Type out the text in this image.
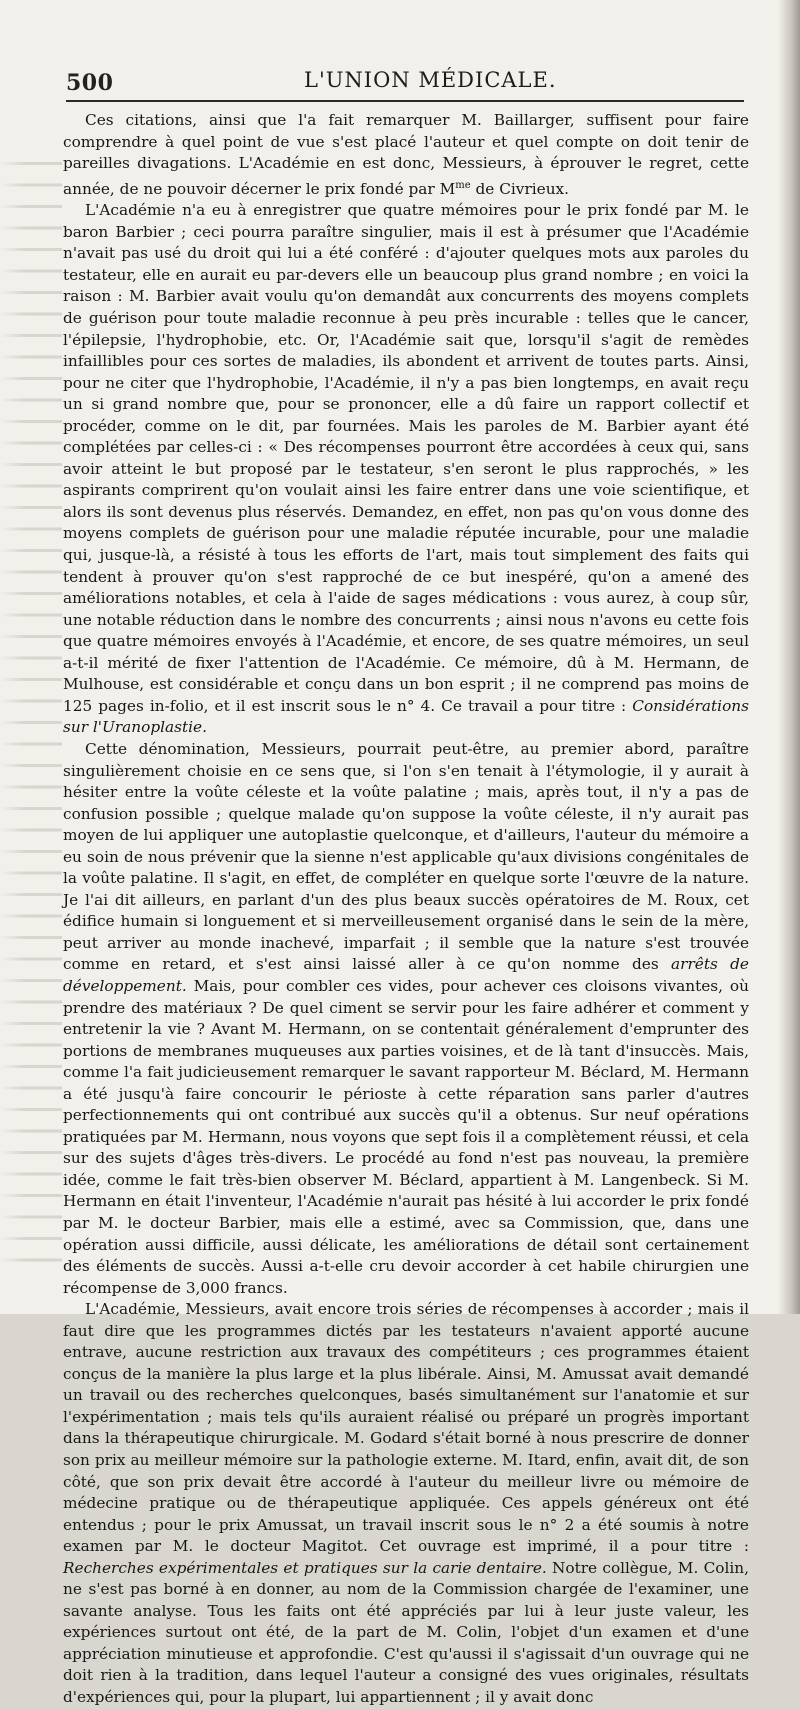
500	L'UNION MÉDICALE.

Ces citations, ainsi que l'a fait remarquer M. Baillarger, suffisent pour faire comprendre à quel point de vue s'est placé l'auteur et quel compte on doit tenir de pareilles divagations. L'Académie en est donc, Messieurs, à éprouver le regret, cette année, de ne pouvoir décerner le prix fondé par $M^{me}$ de Civrieux.

L'Académie n'a eu à enregistrer que quatre mémoires pour le prix fondé par M. le baron Barbier ; ceci pourra paraître singulier, mais il est à présumer que l'Académie n'avait pas usé du droit qui lui a été conféré : d'ajouter quelques mots aux paroles du testateur, elle en aurait eu par-devers elle un beaucoup plus grand nombre ; en voici la raison : M. Barbier avait voulu qu'on demandât aux concurrents des moyens complets de guérison pour toute maladie reconnue à peu près incurable : telles que le cancer, l'épilepsie, l'hydrophobie, etc. Or, l'Académie sait que, lorsqu'il s'agit de remèdes infaillibles pour ces sortes de maladies, ils abondent et arrivent de toutes parts. Ainsi, pour ne citer que l'hydrophobie, l'Académie, il n'y a pas bien longtemps, en avait reçu un si grand nombre que, pour se prononcer, elle a dû faire un rapport collectif et procéder, comme on le dit, par fournées. Mais les paroles de M. Barbier ayant été complétées par celles-ci : « Des récompenses pourront être accordées à ceux qui, sans avoir atteint le but proposé par le testateur, s'en seront le plus rapprochés, » les aspirants comprirent qu'on voulait ainsi les faire entrer dans une voie scientifique, et alors ils sont devenus plus réservés. Demandez, en effet, non pas qu'on vous donne des moyens complets de guérison pour une maladie réputée incurable, pour une maladie qui, jusque-là, a résisté à tous les efforts de l'art, mais tout simplement des faits qui tendent à prouver qu'on s'est rapproché de ce but inespéré, qu'on a amené des améliorations notables, et cela à l'aide de sages médications : vous aurez, à coup sûr, une notable réduction dans le nombre des concurrents ; ainsi nous n'avons eu cette fois que quatre mémoires envoyés à l'Académie, et encore, de ses quatre mémoires, un seul a-t-il mérité de fixer l'attention de l'Académie. Ce mémoire, dû à M. Hermann, de Mulhouse, est considérable et conçu dans un bon esprit ; il ne comprend pas moins de 125 pages in-folio, et il est inscrit sous le n° 4. Ce travail a pour titre : Considérations sur l'Uranoplastie.

Cette dénomination, Messieurs, pourrait peut-être, au premier abord, paraître singulièrement choisie en ce sens que, si l'on s'en tenait à l'étymologie, il y aurait à hésiter entre la voûte céleste et la voûte palatine ; mais, après tout, il n'y a pas de confusion possible ; quelque malade qu'on suppose la voûte céleste, il n'y aurait pas moyen de lui appliquer une autoplastie quelconque, et d'ailleurs, l'auteur du mémoire a eu soin de nous prévenir que la sienne n'est applicable qu'aux divisions congénitales de la voûte palatine. Il s'agit, en effet, de compléter en quelque sorte l'œuvre de la nature. Je l'ai dit ailleurs, en parlant d'un des plus beaux succès opératoires de M. Roux, cet édifice humain si longuement et si merveilleusement organisé dans le sein de la mère, peut arriver au monde inachevé, imparfait ; il semble que la nature s'est trouvée comme en retard, et s'est ainsi laissé aller à ce qu'on nomme des arrêts de développement. Mais, pour combler ces vides, pour achever ces cloisons vivantes, où prendre des matériaux ? De quel ciment se servir pour les faire adhérer et comment y entretenir la vie ? Avant M. Hermann, on se contentait généralement d'emprunter des portions de membranes muqueuses aux parties voisines, et de là tant d'insuccès. Mais, comme l'a fait judicieusement remarquer le savant rapporteur M. Béclard, M. Hermann a été jusqu'à faire concourir le périoste à cette réparation sans parler d'autres perfectionnements qui ont contribué aux succès qu'il a obtenus. Sur neuf opérations pratiquées par M. Hermann, nous voyons que sept fois il a complètement réussi, et cela sur des sujets d'âges très-divers. Le procédé au fond n'est pas nouveau, la première idée, comme le fait très-bien observer M. Béclard, appartient à M. Langenbeck. Si M. Hermann en était l'inventeur, l'Académie n'aurait pas hésité à lui accorder le prix fondé par M. le docteur Barbier, mais elle a estimé, avec sa Commission, que, dans une opération aussi difficile, aussi délicate, les améliorations de détail sont certainement des éléments de succès. Aussi a-t-elle cru devoir accorder à cet habile chirurgien une récompense de 3,000 francs.

L'Académie, Messieurs, avait encore trois séries de récompenses à accorder ; mais il faut dire que les programmes dictés par les testateurs n'avaient apporté aucune entrave, aucune restriction aux travaux des compétiteurs ; ces programmes étaient conçus de la manière la plus large et la plus libérale. Ainsi, M. Amussat avait demandé un travail ou des recherches quelconques, basés simultanément sur l'anatomie et sur l'expérimentation ; mais tels qu'ils auraient réalisé ou préparé un progrès important dans la thérapeutique chirurgicale. M. Godard s'était borné à nous prescrire de donner son prix au meilleur mémoire sur la pathologie externe. M. Itard, enfin, avait dit, de son côté, que son prix devait être accordé à l'auteur du meilleur livre ou mémoire de médecine pratique ou de thérapeutique appliquée. Ces appels généreux ont été entendus ; pour le prix Amussat, un travail inscrit sous le n° 2 a été soumis à notre examen par M. le docteur Magitot. Cet ouvrage est imprimé, il a pour titre : Recherches expérimentales et pratiques sur la carie dentaire. Notre collègue, M. Colin, ne s'est pas borné à en donner, au nom de la Commission chargée de l'examiner, une savante analyse. Tous les faits ont été appréciés par lui à leur juste valeur, les expériences surtout ont été, de la part de M. Colin, l'objet d'un examen et d'une appréciation minutieuse et approfondie. C'est qu'aussi il s'agissait d'un ouvrage qui ne doit rien à la tradition, dans lequel l'auteur a consigné des vues originales, résultats d'expériences qui, pour la plupart, lui appartiennent ; il y avait donc
